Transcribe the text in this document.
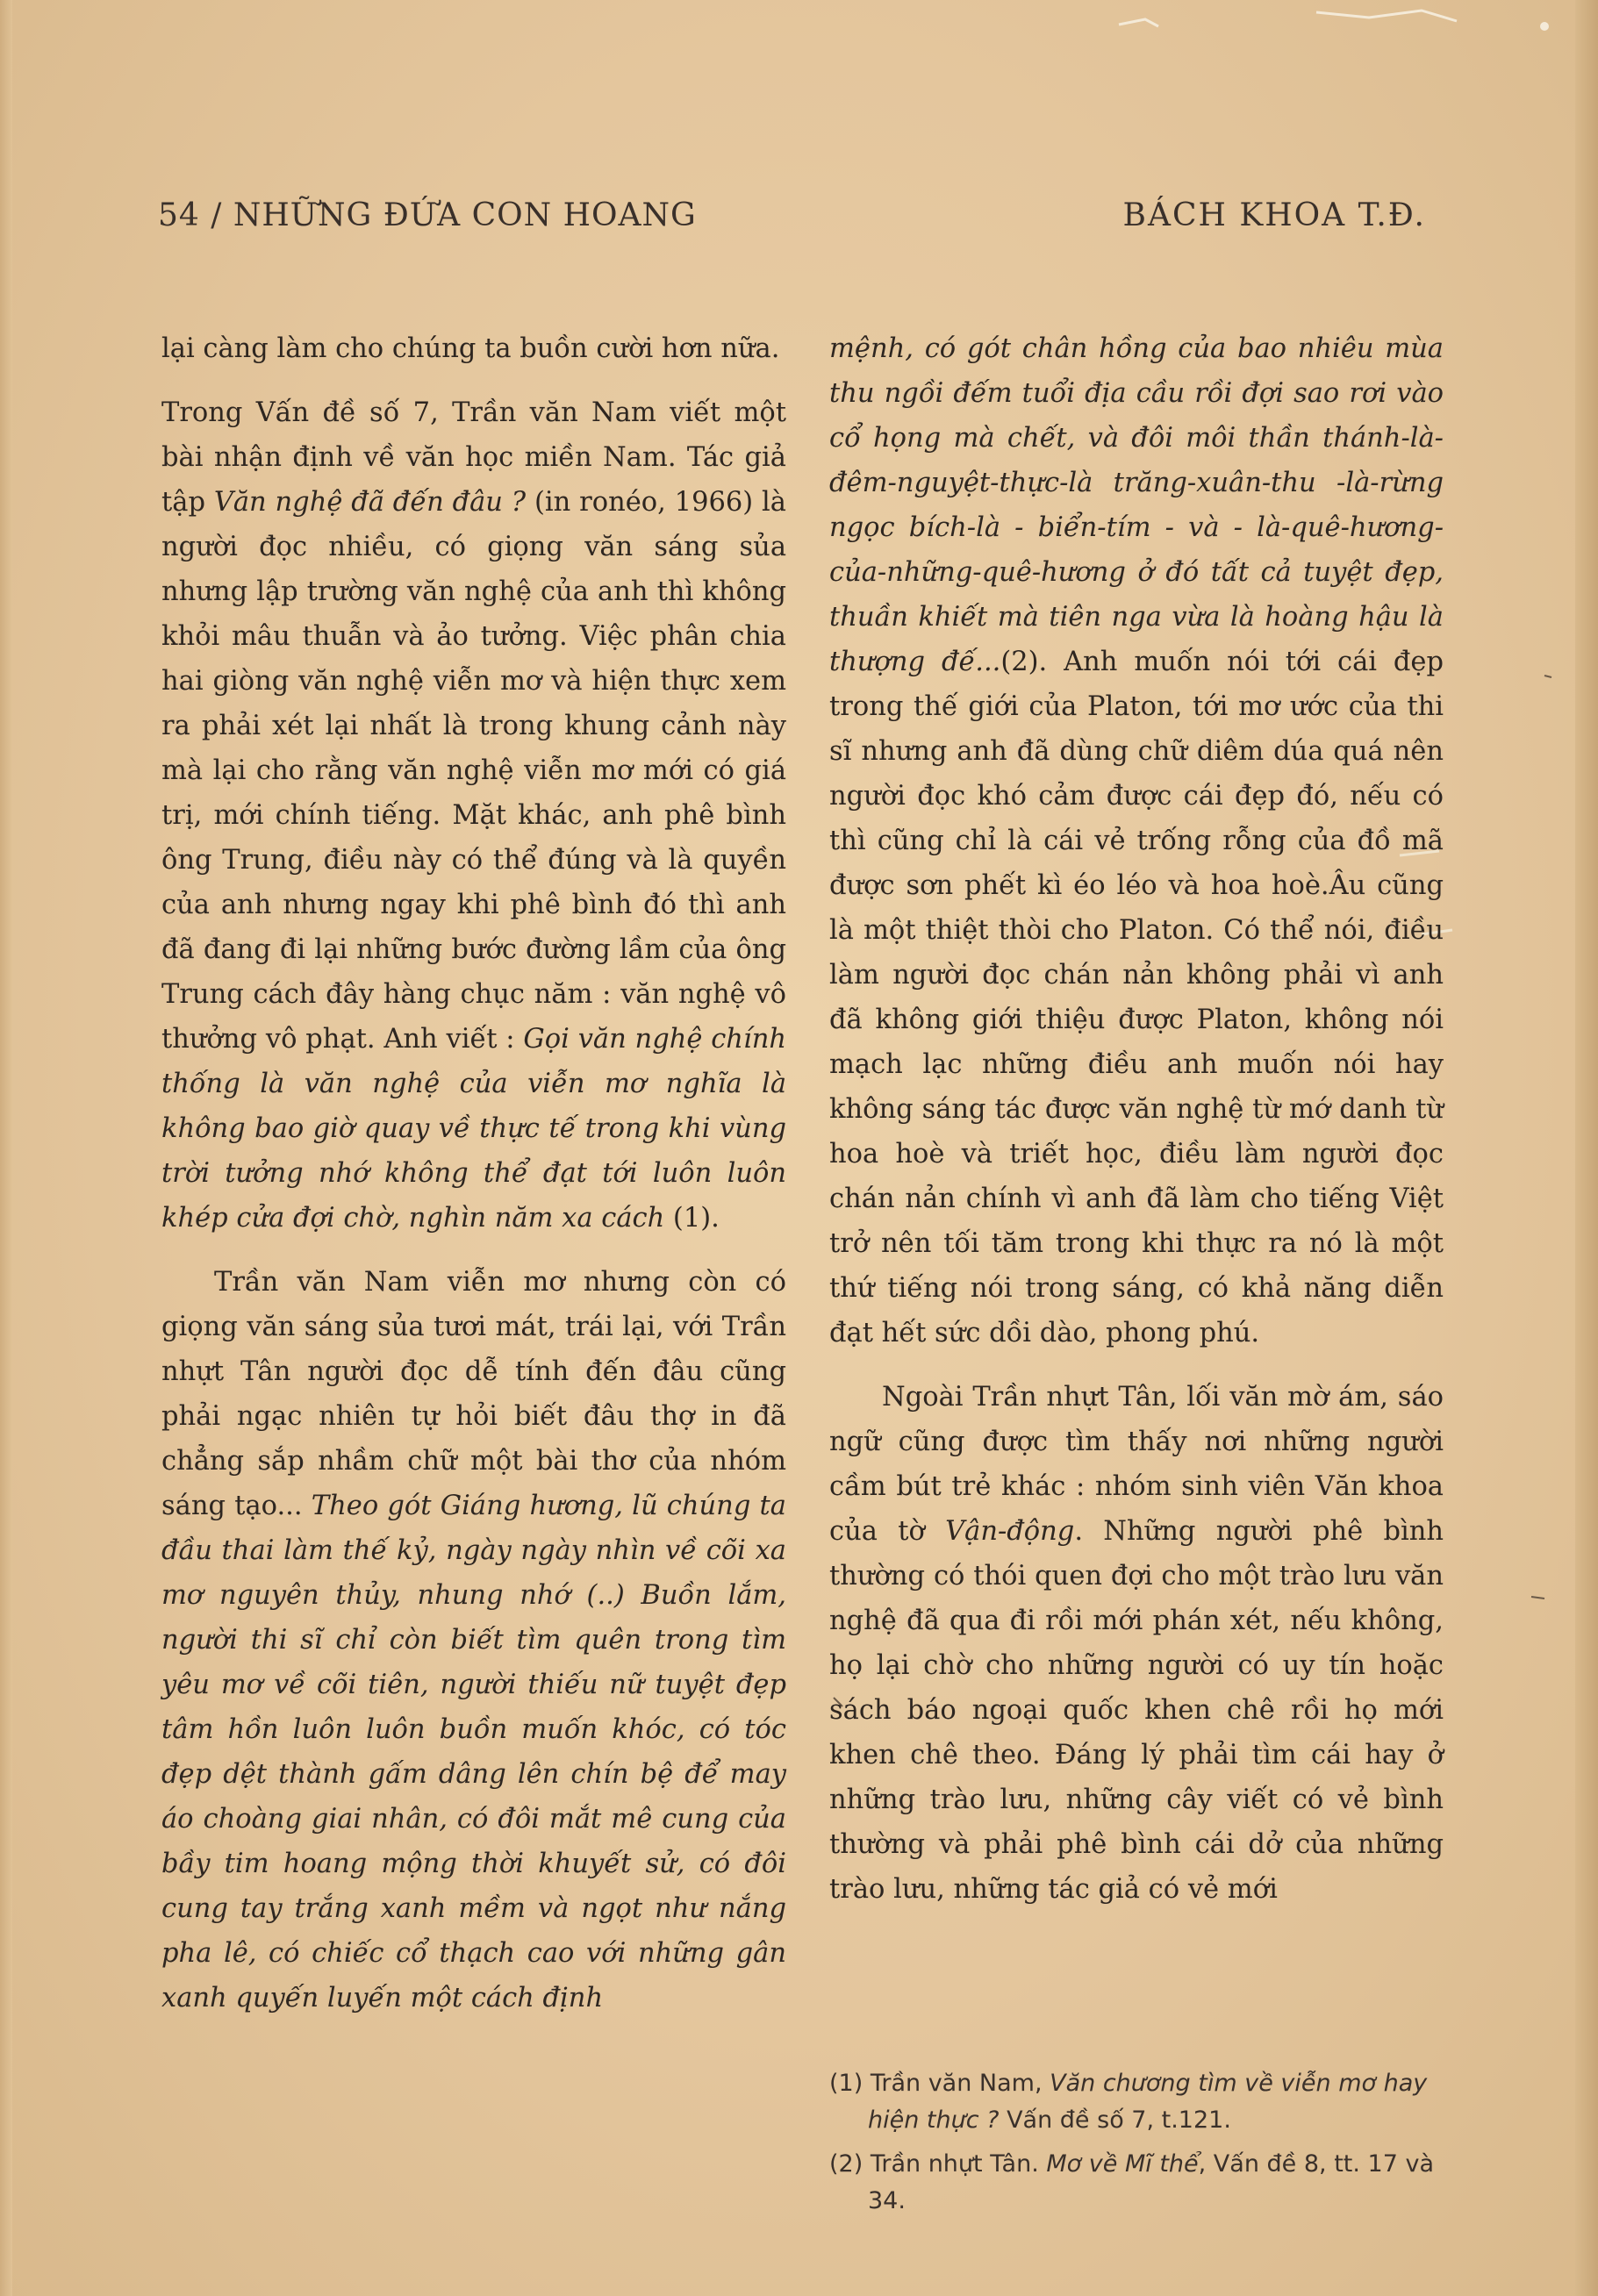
54 / NHỮNG ĐỨA CON HOANG	BÁCH KHOA T.Đ.

lại càng làm cho chúng ta buồn cười hơn nữa.

Trong Vấn đề số 7, Trần văn Nam viết một bài nhận định về văn học miền Nam. Tác giả tập Văn nghệ đã đến đâu ? (in ronéo, 1966) là người đọc nhiều, có giọng văn sáng sủa nhưng lập trường văn nghệ của anh thì không khỏi mâu thuẫn và ảo tưởng. Việc phân chia hai giòng văn nghệ viễn mơ và hiện thực xem ra phải xét lại nhất là trong khung cảnh này mà lại cho rằng văn nghệ viễn mơ mới có giá trị, mới chính tiếng. Mặt khác, anh phê bình ông Trung, điều này có thể đúng và là quyền của anh nhưng ngay khi phê bình đó thì anh đã đang đi lại những bước đường lầm của ông Trung cách đây hàng chục năm : văn nghệ vô thưởng vô phạt. Anh viết : Gọi văn nghệ chính thống là văn nghệ của viễn mơ nghĩa là không bao giờ quay về thực tế trong khi vùng trời tưởng nhớ không thể đạt tới luôn luôn khép cửa đợi chờ, nghìn năm xa cách (1).

Trần văn Nam viễn mơ nhưng còn có giọng văn sáng sủa tươi mát, trái lại, với Trần nhựt Tân người đọc dễ tính đến đâu cũng phải ngạc nhiên tự hỏi biết đâu thợ in đã chẳng sắp nhầm chữ một bài thơ của nhóm sáng tạo... Theo gót Giáng hương, lũ chúng ta đầu thai làm thế kỷ, ngày ngày nhìn về cõi xa mơ nguyên thủy, nhung nhớ (..) Buồn lắm, người thi sĩ chỉ còn biết tìm quên trong tìm yêu mơ về cõi tiên, người thiếu nữ tuyệt đẹp tâm hồn luôn luôn buồn muốn khóc, có tóc đẹp dệt thành gấm dâng lên chín bệ để may áo choàng giai nhân, có đôi mắt mê cung của bầy tim hoang mộng thời khuyết sử, có đôi cung tay trắng xanh mềm và ngọt như nắng pha lê, có chiếc cổ thạch cao với những gân xanh quyến luyến một cách định

mệnh, có gót chân hồng của bao nhiêu mùa thu ngồi đếm tuổi địa cầu rồi đợi sao rơi vào cổ họng mà chết, và đôi môi thần thánh-là-đêm-nguyệt-thực-là trăng-xuân-thu -là-rừng ngọc bích-là - biển-tím - và - là-quê-hương-của-những-quê-hương ở đó tất cả tuyệt đẹp, thuần khiết mà tiên nga vừa là hoàng hậu là thượng đế...(2). Anh muốn nói tới cái đẹp trong thế giới của Platon, tới mơ ước của thi sĩ nhưng anh đã dùng chữ diêm dúa quá nên người đọc khó cảm được cái đẹp đó, nếu có thì cũng chỉ là cái vẻ trống rỗng của đồ mã được sơn phết kì éo léo và hoa hoè.Âu cũng là một thiệt thòi cho Platon. Có thể nói, điều làm người đọc chán nản không phải vì anh đã không giới thiệu được Platon, không nói mạch lạc những điều anh muốn nói hay không sáng tác được văn nghệ từ mớ danh từ hoa hoè và triết học, điều làm người đọc chán nản chính vì anh đã làm cho tiếng Việt trở nên tối tăm trong khi thực ra nó là một thứ tiếng nói trong sáng, có khả năng diễn đạt hết sức dồi dào, phong phú.

Ngoài Trần nhựt Tân, lối văn mờ ám, sáo ngữ cũng được tìm thấy nơi những người cầm bút trẻ khác : nhóm sinh viên Văn khoa của tờ Vận-động. Những người phê bình thường có thói quen đợi cho một trào lưu văn nghệ đã qua đi rồi mới phán xét, nếu không, họ lại chờ cho những người có uy tín hoặc sách báo ngoại quốc khen chê rồi họ mới khen chê theo. Đáng lý phải tìm cái hay ở những trào lưu, những cây viết có vẻ bình thường và phải phê bình cái dở của những trào lưu, những tác giả có vẻ mới

(1) Trần văn Nam, Văn chương tìm về viễn mơ hay hiện thực ? Vấn đề số 7, t.121.

(2) Trần nhựt Tân. Mơ về Mĩ thể, Vấn đề 8, tt. 17 và 34.
